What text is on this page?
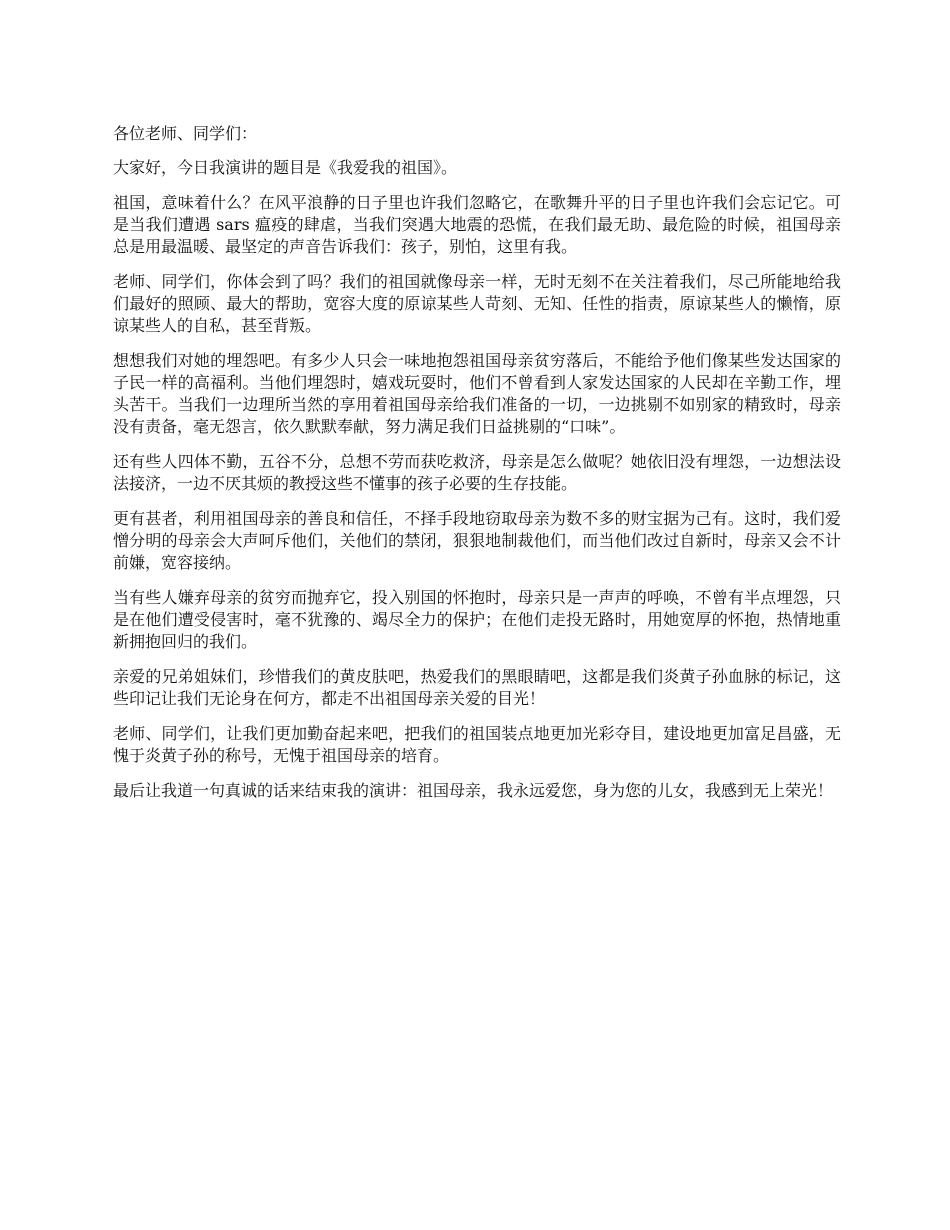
各位老师、同学们：

大家好，今日我演讲的题目是《我爱我的祖国》。

祖国，意味着什么？在风平浪静的日子里也许我们忽略它，在歌舞升平的日子里也许我们会忘记它。可是当我们遭遇 sars 瘟疫的肆虐，当我们突遇大地震的恐慌，在我们最无助、最危险的时候，祖国母亲总是用最温暖、最坚定的声音告诉我们：孩子，别怕，这里有我。

老师、同学们，你体会到了吗？我们的祖国就像母亲一样，无时无刻不在关注着我们，尽己所能地给我们最好的照顾、最大的帮助，宽容大度的原谅某些人苛刻、无知、任性的指责，原谅某些人的懒惰，原谅某些人的自私，甚至背叛。

想想我们对她的埋怨吧。有多少人只会一味地抱怨祖国母亲贫穷落后，不能给予他们像某些发达国家的子民一样的高福利。当他们埋怨时，嬉戏玩耍时，他们不曾看到人家发达国家的人民却在辛勤工作，埋头苦干。当我们一边理所当然的享用着祖国母亲给我们准备的一切，一边挑剔不如别家的精致时，母亲没有责备，毫无怨言，依久默默奉献，努力满足我们日益挑剔的“口味”。

还有些人四体不勤，五谷不分，总想不劳而获吃救济，母亲是怎么做呢？她依旧没有埋怨，一边想法设法接济，一边不厌其烦的教授这些不懂事的孩子必要的生存技能。

更有甚者，利用祖国母亲的善良和信任，不择手段地窃取母亲为数不多的财宝据为己有。这时，我们爱憎分明的母亲会大声呵斥他们，关他们的禁闭，狠狠地制裁他们，而当他们改过自新时，母亲又会不计前嫌，宽容接纳。

当有些人嫌弃母亲的贫穷而抛弃它，投入别国的怀抱时，母亲只是一声声的呼唤，不曾有半点埋怨，只是在他们遭受侵害时，毫不犹豫的、竭尽全力的保护；在他们走投无路时，用她宽厚的怀抱，热情地重新拥抱回归的我们。

亲爱的兄弟姐妹们，珍惜我们的黄皮肤吧，热爱我们的黑眼睛吧，这都是我们炎黄子孙血脉的标记，这些印记让我们无论身在何方，都走不出祖国母亲关爱的目光！

老师、同学们，让我们更加勤奋起来吧，把我们的祖国装点地更加光彩夺目，建设地更加富足昌盛，无愧于炎黄子孙的称号，无愧于祖国母亲的培育。

最后让我道一句真诚的话来结束我的演讲：祖国母亲，我永远爱您，身为您的儿女，我感到无上荣光！
